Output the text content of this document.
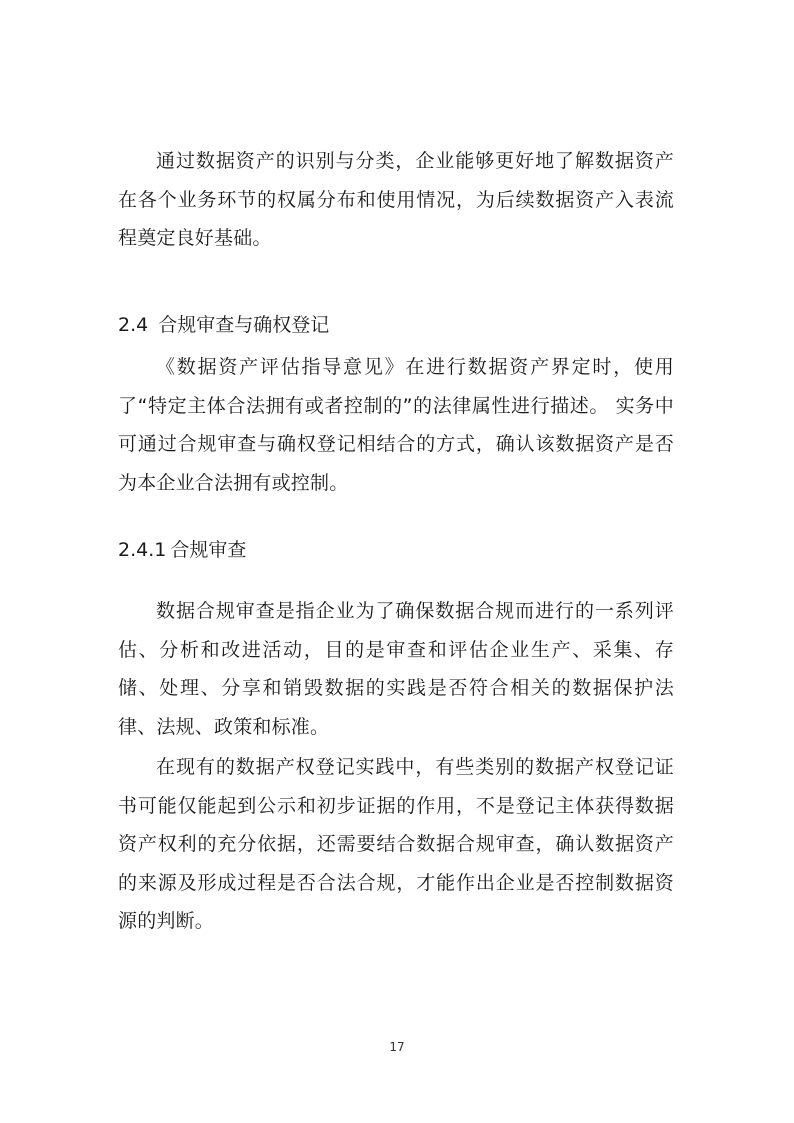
通过数据资产的识别与分类，企业能够更好地了解数据资产在各个业务环节的权属分布和使用情况，为后续数据资产入表流程奠定良好基础。

2.4 合规审查与确权登记

《数据资产评估指导意见》在进行数据资产界定时，使用了“特定主体合法拥有或者控制的”的法律属性进行描述。 实务中可通过合规审查与确权登记相结合的方式，确认该数据资产是否为本企业合法拥有或控制。

2.4.1 合规审查

数据合规审查是指企业为了确保数据合规而进行的一系列评估、分析和改进活动，目的是审查和评估企业生产、采集、存储、处理、分享和销毁数据的实践是否符合相关的数据保护法律、法规、政策和标准。

在现有的数据产权登记实践中，有些类别的数据产权登记证书可能仅能起到公示和初步证据的作用，不是登记主体获得数据资产权利的充分依据，还需要结合数据合规审查，确认数据资产的来源及形成过程是否合法合规，才能作出企业是否控制数据资源的判断。

17
